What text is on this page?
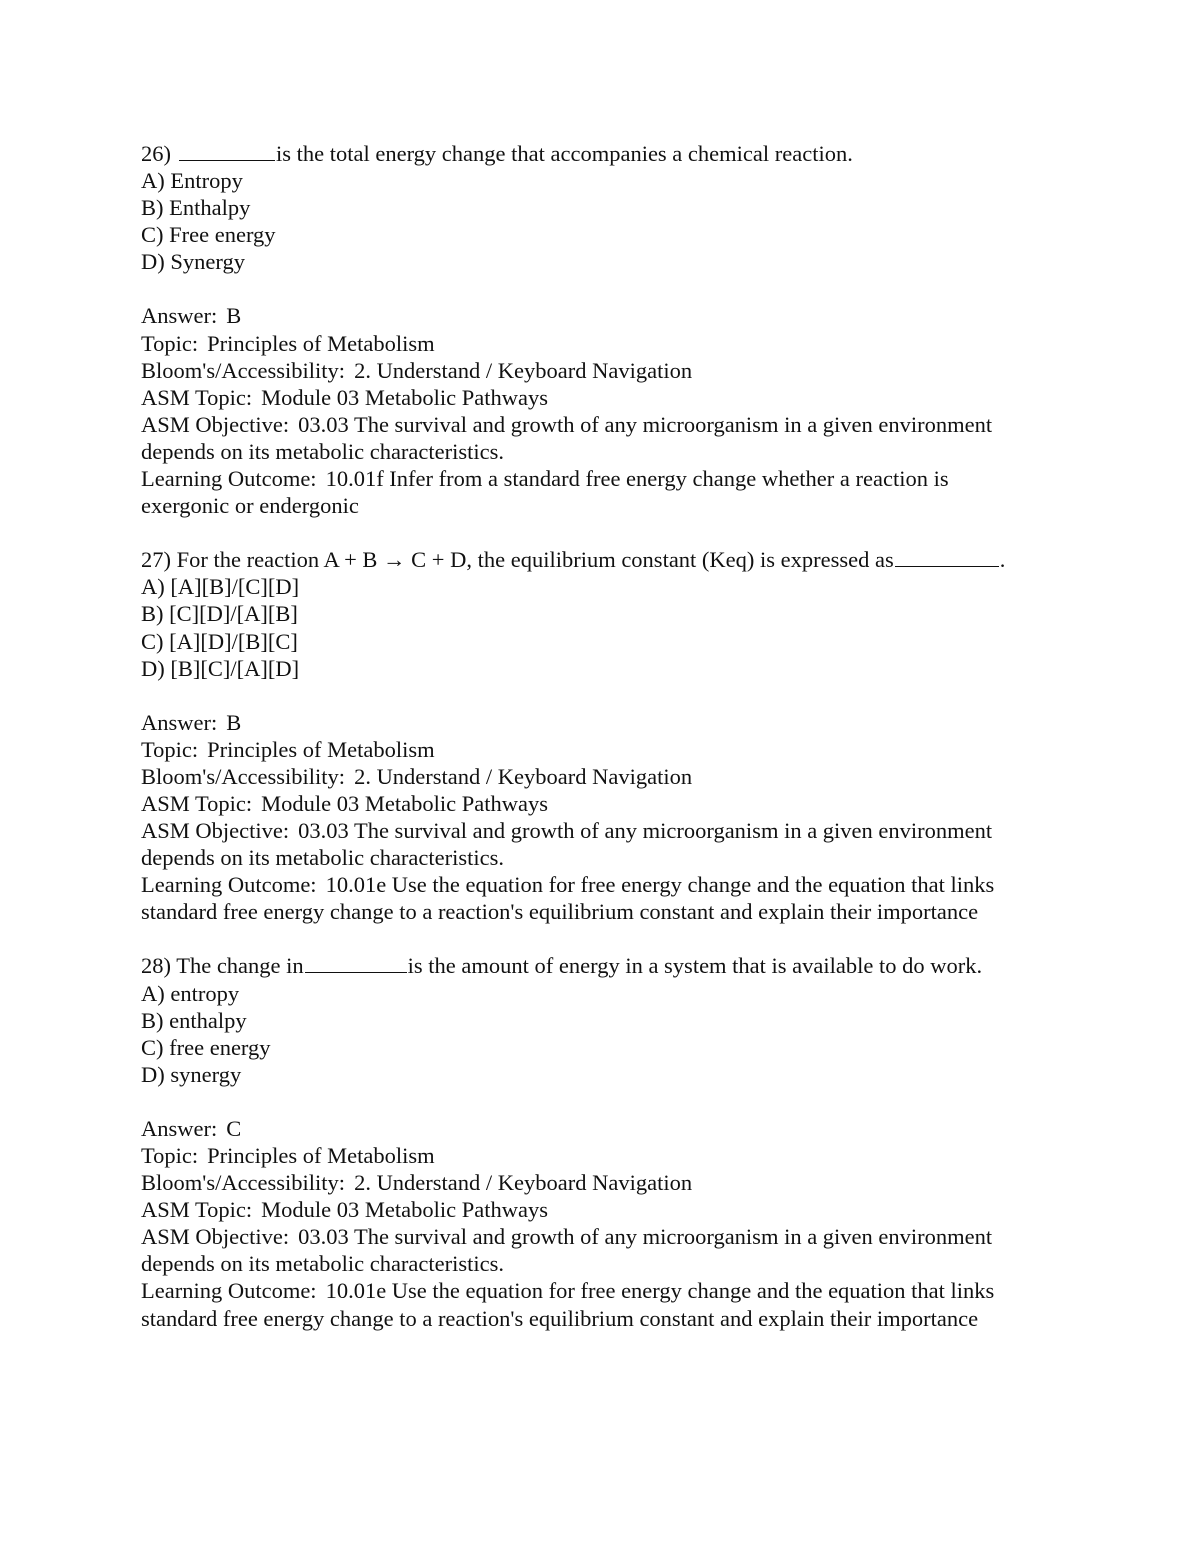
26)	is the total energy change that accompanies a chemical reaction.
A) Entropy
B) Enthalpy
C) Free energy
D) Synergy
Answer: B
Topic: Principles of Metabolism
Bloom's/Accessibility: 2. Understand / Keyboard Navigation
ASM Topic: Module 03 Metabolic Pathways
ASM Objective: 03.03 The survival and growth of any microorganism in a given environment
depends on its metabolic characteristics.
Learning Outcome: 10.01f Infer from a standard free energy change whether a reaction is
exergonic or endergonic
27) For the reaction A + B → C + D, the equilibrium constant (Keq) is expressed as	.
A) [A][B]/[C][D]
B) [C][D]/[A][B]
C) [A][D]/[B][C]
D) [B][C]/[A][D]
Answer: B
Topic: Principles of Metabolism
Bloom's/Accessibility: 2. Understand / Keyboard Navigation
ASM Topic: Module 03 Metabolic Pathways
ASM Objective: 03.03 The survival and growth of any microorganism in a given environment
depends on its metabolic characteristics.
Learning Outcome: 10.01e Use the equation for free energy change and the equation that links
standard free energy change to a reaction's equilibrium constant and explain their importance
28) The change in	is the amount of energy in a system that is available to do work.
A) entropy
B) enthalpy
C) free energy
D) synergy
Answer: C
Topic: Principles of Metabolism
Bloom's/Accessibility: 2. Understand / Keyboard Navigation
ASM Topic: Module 03 Metabolic Pathways
ASM Objective: 03.03 The survival and growth of any microorganism in a given environment
depends on its metabolic characteristics.
Learning Outcome: 10.01e Use the equation for free energy change and the equation that links
standard free energy change to a reaction's equilibrium constant and explain their importance
